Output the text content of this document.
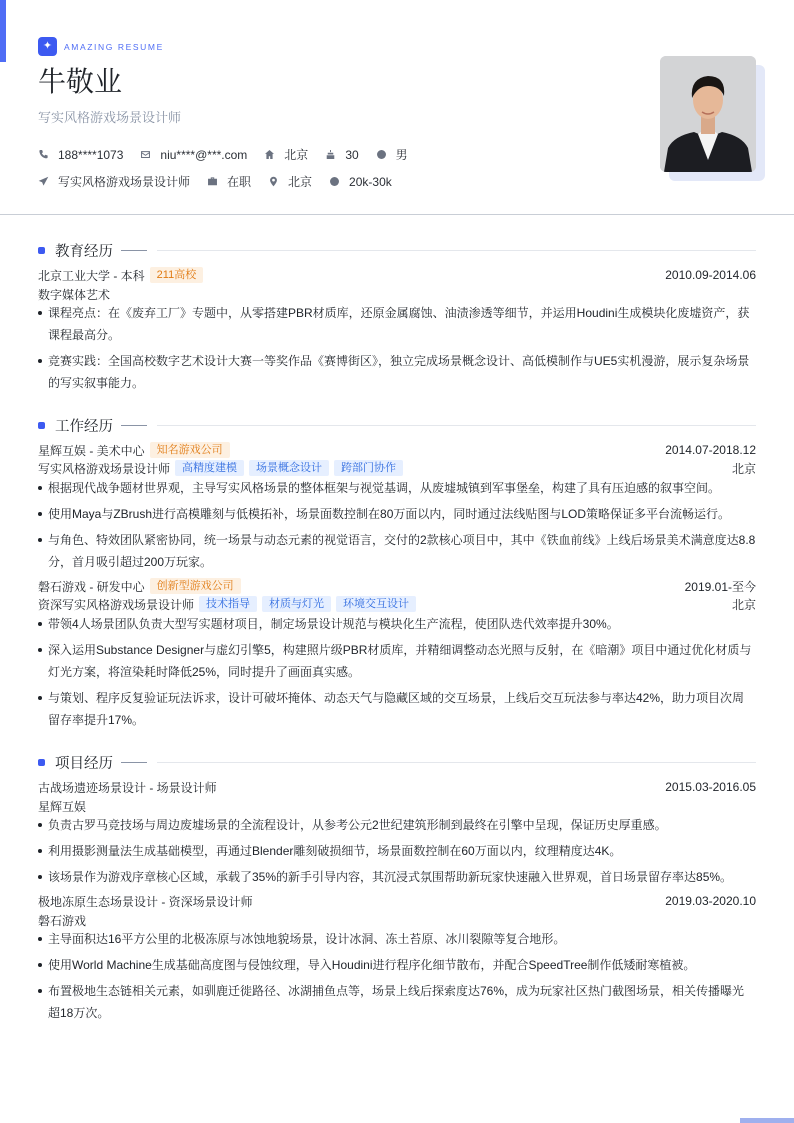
✦	AMAZING RESUME
牛敬业
写实风格游戏场景设计师
188****1073	niu****@***.com	北京	30	男
写实风格游戏场景设计师	在职	北京	20k-30k
教育经历
北京工业大学 - 本科	211高校	2010.09-2014.06
数字媒体艺术
课程亮点：在《废弃工厂》专题中，从零搭建PBR材质库，还原金属腐蚀、油渍渗透等细节，并运用Houdini生成模块化废墟资产，获课程最高分。
竞赛实践：全国高校数字艺术设计大赛一等奖作品《赛博街区》，独立完成场景概念设计、高低模制作与UE5实机漫游，展示复杂场景的写实叙事能力。
工作经历
星辉互娱 - 美术中心	知名游戏公司	2014.07-2018.12
写实风格游戏场景设计师	高精度建模	场景概念设计	跨部门协作	北京
根据现代战争题材世界观，主导写实风格场景的整体框架与视觉基调，从废墟城镇到军事堡垒，构建了具有压迫感的叙事空间。
使用Maya与ZBrush进行高模雕刻与低模拓补，场景面数控制在80万面以内，同时通过法线贴图与LOD策略保证多平台流畅运行。
与角色、特效团队紧密协同，统一场景与动态元素的视觉语言，交付的2款核心项目中，其中《铁血前线》上线后场景美术满意度达8.8分，首月吸引超过200万玩家。
磐石游戏 - 研发中心	创新型游戏公司	2019.01-至今
资深写实风格游戏场景设计师	技术指导	材质与灯光	环境交互设计	北京
带领4人场景团队负责大型写实题材项目，制定场景设计规范与模块化生产流程，使团队迭代效率提升30%。
深入运用Substance Designer与虚幻引擎5，构建照片级PBR材质库，并精细调整动态光照与反射，在《暗潮》项目中通过优化材质与灯光方案，将渲染耗时降低25%，同时提升了画面真实感。
与策划、程序反复验证玩法诉求，设计可破坏掩体、动态天气与隐藏区域的交互场景，上线后交互玩法参与率达42%，助力项目次周留存率提升17%。
项目经历
古战场遗迹场景设计 - 场景设计师	2015.03-2016.05
星辉互娱
负责古罗马竞技场与周边废墟场景的全流程设计，从参考公元2世纪建筑形制到最终在引擎中呈现，保证历史厚重感。
利用摄影测量法生成基础模型，再通过Blender雕刻破损细节，场景面数控制在60万面以内，纹理精度达4K。
该场景作为游戏序章核心区域，承载了35%的新手引导内容，其沉浸式氛围帮助新玩家快速融入世界观，首日场景留存率达85%。
极地冻原生态场景设计 - 资深场景设计师	2019.03-2020.10
磐石游戏
主导面积达16平方公里的北极冻原与冰蚀地貌场景，设计冰洞、冻土苔原、冰川裂隙等复合地形。
使用World Machine生成基础高度图与侵蚀纹理，导入Houdini进行程序化细节散布，并配合SpeedTree制作低矮耐寒植被。
布置极地生态链相关元素，如驯鹿迁徙路径、冰湖捕鱼点等，场景上线后探索度达76%，成为玩家社区热门截图场景，相关传播曝光超18万次。
